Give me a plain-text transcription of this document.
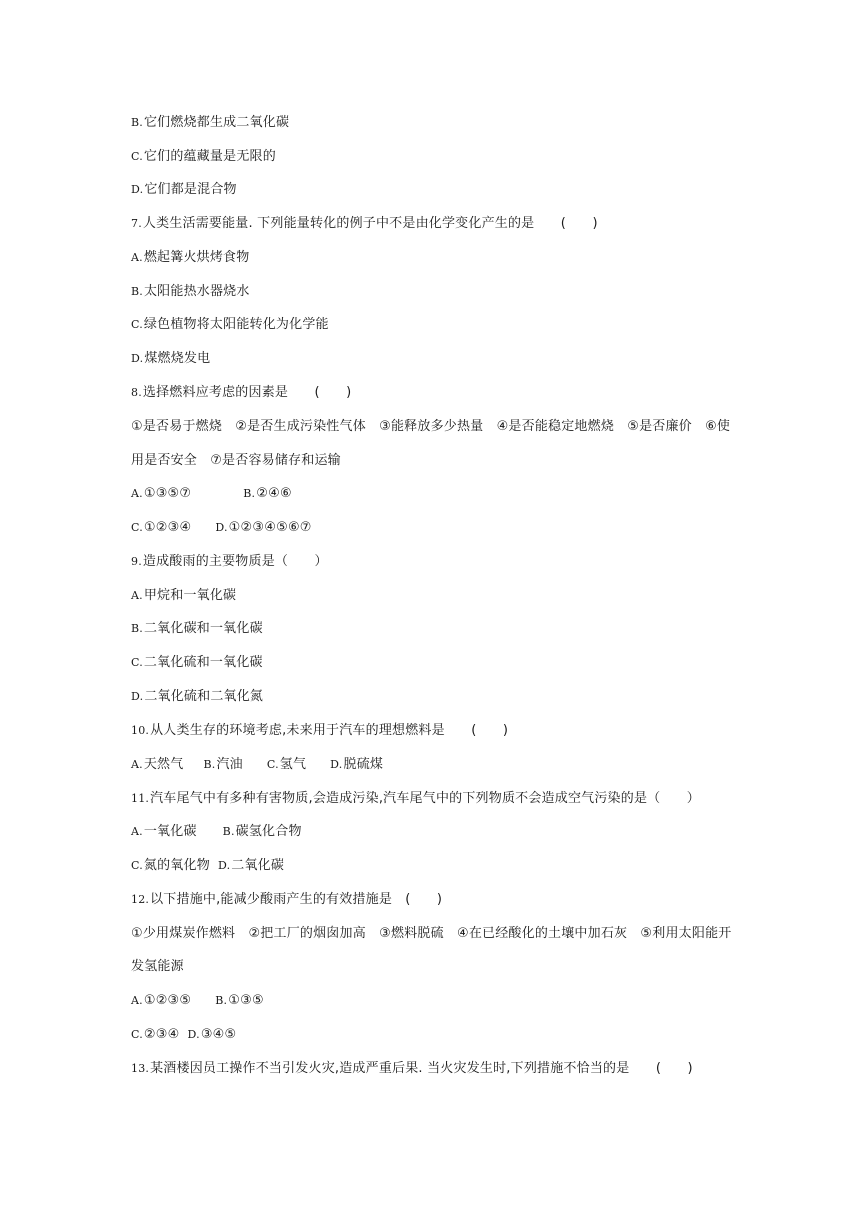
B.它们燃烧都生成二氧化碳
C.它们的蕴藏量是无限的
D.它们都是混合物
7.人类生活需要能量. 下列能量转化的例子中不是由化学变化产生的是　　(　　)
A.燃起篝火烘烤食物
B.太阳能热水器烧水
C.绿色植物将太阳能转化为化学能
D.煤燃烧发电
8.选择燃料应考虑的因素是　　(　　)
①是否易于燃烧　②是否生成污染性气体　③能释放多少热量　④是否能稳定地燃烧　⑤是否廉价　⑥使
用是否安全　⑦是否容易储存和运输
A.①③⑤⑦	B.②④⑥
C.①②③④ D.①②③④⑤⑥⑦
9.造成酸雨的主要物质是（　　）
A.甲烷和一氧化碳
B.二氧化碳和一氧化碳
C.二氧化硫和一氧化碳
D.二氧化硫和二氧化氮
10.从人类生存的环境考虑,未来用于汽车的理想燃料是　　(　　)
A.天然气 B.汽油 C.氢气 D.脱硫煤
11.汽车尾气中有多种有害物质,会造成污染,汽车尾气中的下列物质不会造成空气污染的是（　　）
A.一氧化碳 B.碳氢化合物
C.氮的氧化物 D.二氧化碳
12.以下措施中,能减少酸雨产生的有效措施是　(　　)
①少用煤炭作燃料　②把工厂的烟囱加高　③燃料脱硫　④在已经酸化的土壤中加石灰　⑤利用太阳能开
发氢能源
A.①②③⑤ B.①③⑤
C.②③④ D.③④⑤
13.某酒楼因员工操作不当引发火灾,造成严重后果. 当火灾发生时,下列措施不恰当的是　　(　　)
